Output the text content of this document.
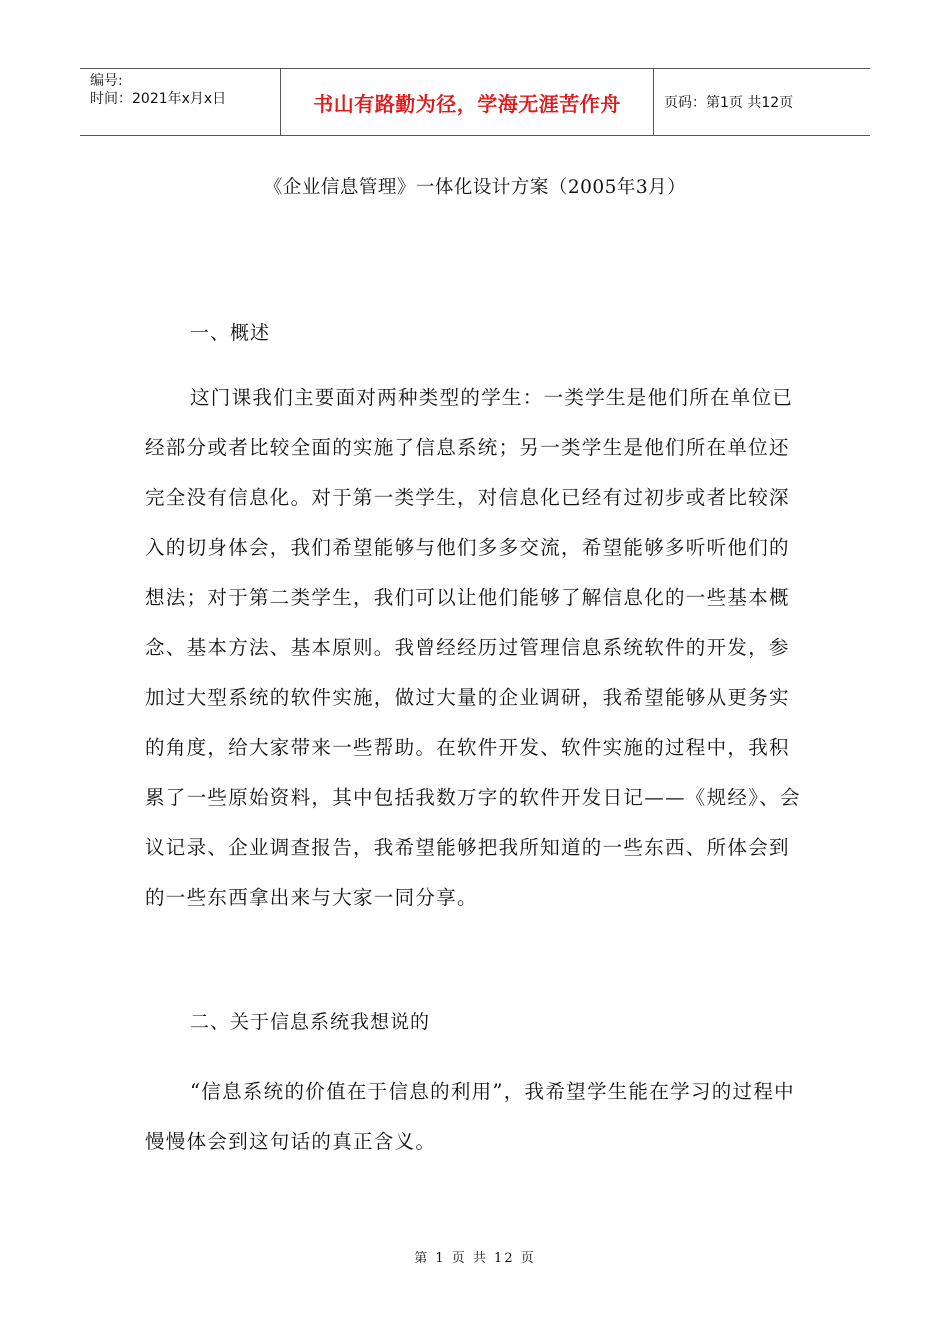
编号:
时间：2021年x月x日	书山有路勤为径，学海无涯苦作舟	页码：第1页 共12页
《企业信息管理》一体化设计方案（2005年3月）
一、概述

这门课我们主要面对两种类型的学生：一类学生是他们所在单位已经部分或者比较全面的实施了信息系统；另一类学生是他们所在单位还完全没有信息化。对于第一类学生，对信息化已经有过初步或者比较深入的切身体会，我们希望能够与他们多多交流，希望能够多听听他们的想法；对于第二类学生，我们可以让他们能够了解信息化的一些基本概念、基本方法、基本原则。我曾经经历过管理信息系统软件的开发，参加过大型系统的软件实施，做过大量的企业调研，我希望能够从更务实的角度，给大家带来一些帮助。在软件开发、软件实施的过程中，我积累了一些原始资料，其中包括我数万字的软件开发日记——《规经》、会议记录、企业调查报告，我希望能够把我所知道的一些东西、所体会到的一些东西拿出来与大家一同分享。

二、关于信息系统我想说的

“信息系统的价值在于信息的利用”，我希望学生能在学习的过程中慢慢体会到这句话的真正含义。

第 1 页 共 12 页
